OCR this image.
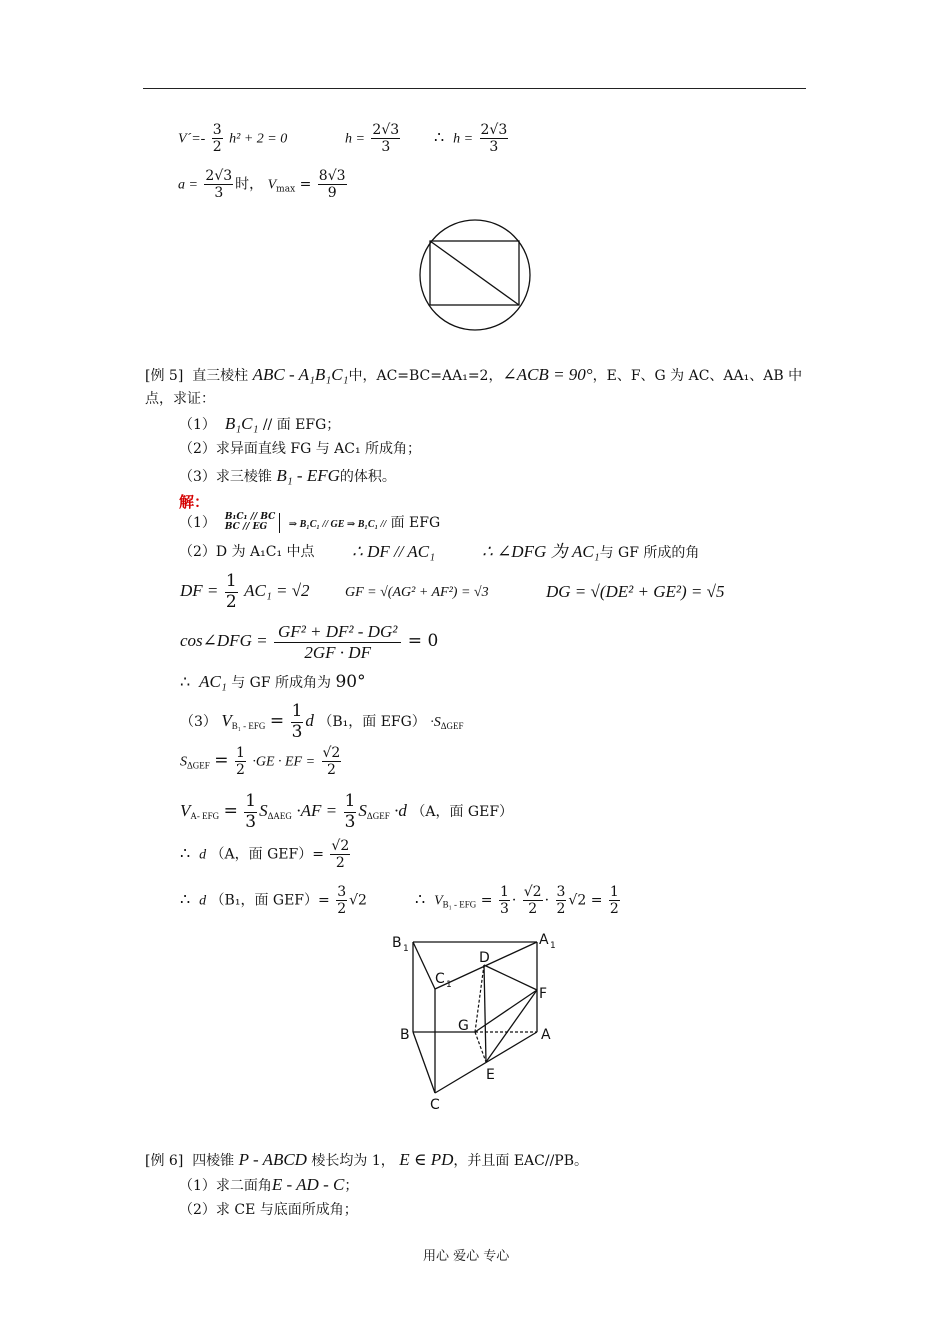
V´=- $\frac{3}{2} h^2 + 2 = 0$	$h = \frac{2√3}{3}$ ∴ $h = \frac{2√3}{3}$
$a = \frac{2√3}{3}$ 时， $V_{max} = \frac{8√3}{9}$
[例 5] 直三棱柱 ABC - A₁B₁C₁中，AC=BC=AA₁=2，∠ACB = 90°，E、F、G 为 AC、AA₁、AB 中
点，求证：
（1） B₁C₁ // 面 EFG；
（2）求异面直线 FG 与 AC₁ 所成角；
（3）求三棱锥 B₁ - EFG的体积。
解：
（1） B₁C₁ // BC
BC // EG	⇒ B₁C₁ // GE ⇒ B₁C₁ // 面 EFG
（2）D 为 A₁C₁ 中点 ∴ DF // AC₁	∴ ∠DFG 为 AC₁与 GF 所成的角
DF = $\frac{1}{2} AC_1 = √2$	GF = √(AG² + AF²) = √3	DG = √(DE² + GE²) = √5
cos∠DFG = $\frac{\text{GF² + DF² - DG²}}{2GF \cdot DF} = 0$
∴ AC₁ 与 GF 所成角为 90°
（3） $V_{B_1 - EFG} = \frac{1}{3}$ d （B₁，面 $EFG) \cdot S_{\Delta GEF}$
$S_{\Delta GEF} = \frac{1}{2} \cdot GE$ · EF = $\frac{√2}{2}$
$V_{A- EFG} = \frac{1}{3} S_{\Delta AEG} \cdot AF = \frac{1}{3} S_{\Delta GEF} \cdot d$ （A，面 GEF）
∴ d （A，面 $GEF)= \frac{√2}{2}$
∴ d （B₁，面 $GEF)= \frac{3}{2} √2$	∴ $V_{B_1 - EFG} = \frac{1}{3} \cdot \frac{√2}{2} \cdot \frac{3}{2} √2 = \frac{1}{2}$
B 1
A 1
C 1
D
F
G
B	A
E
C
[例 6] 四棱锥 P - ABCD 棱长均为 1， E ∈ PD，并且面 EAC//PB。
（1）求二面角E - AD - C；
（2）求 CE 与底面所成角；
用心 爱心 专心
